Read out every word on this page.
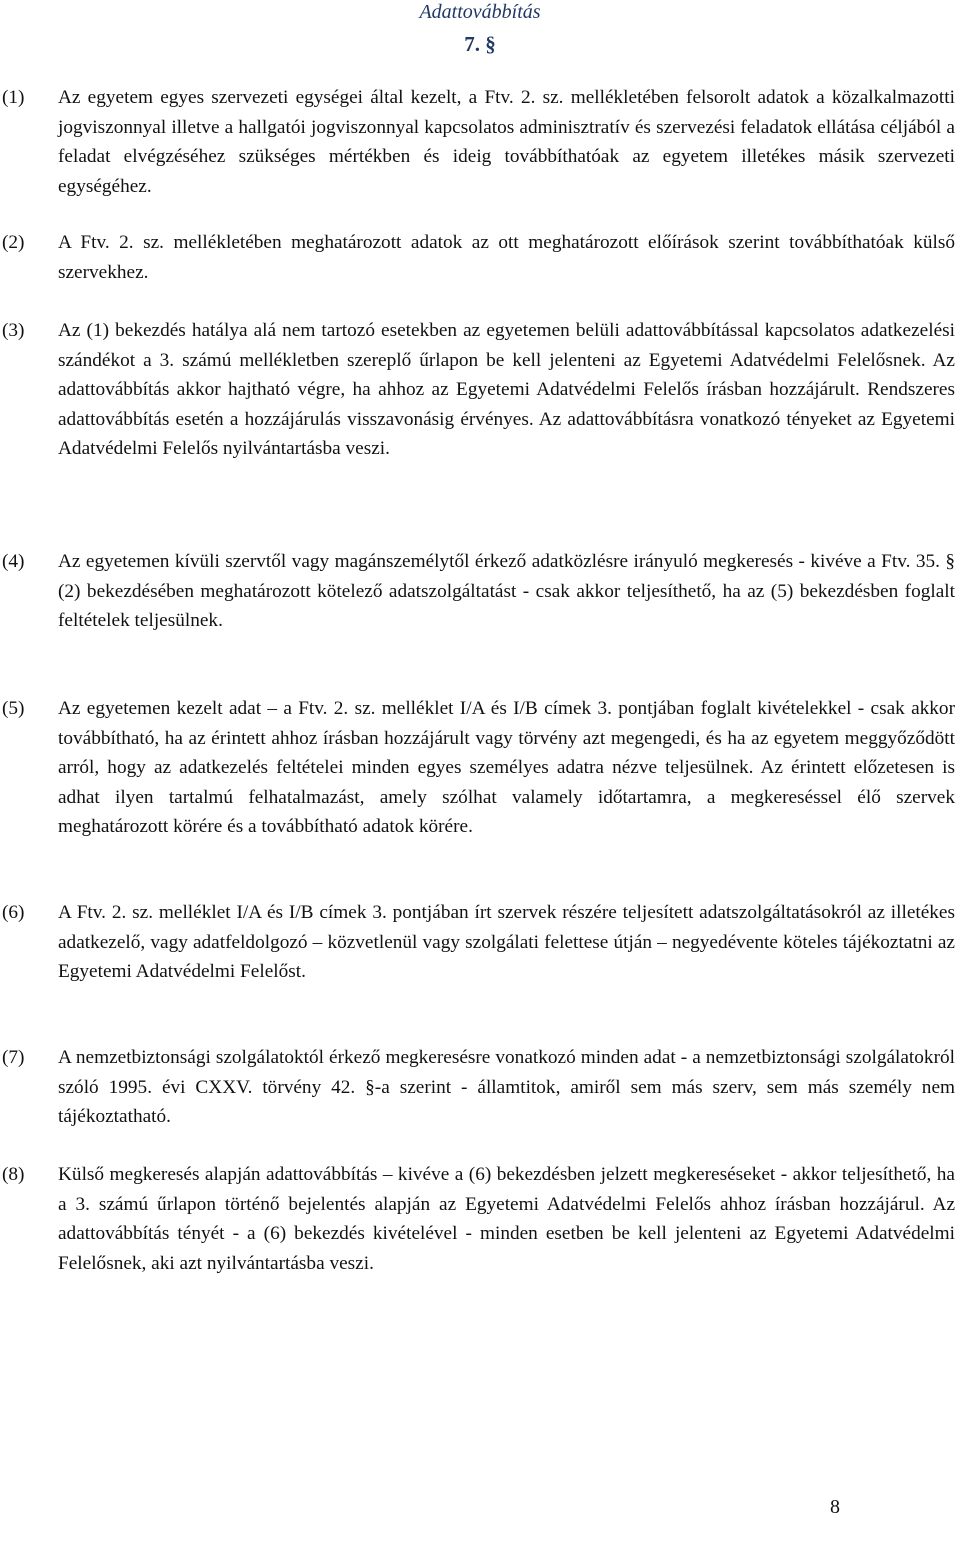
Adattovábbítás
7. §
(1)	Az egyetem egyes szervezeti egységei által kezelt, a Ftv. 2. sz. mellékletében felsorolt adatok a közalkalmazotti jogviszonnyal illetve a hallgatói jogviszonnyal kapcsolatos adminisztratív és szervezési feladatok ellátása céljából a feladat elvégzéséhez szükséges mértékben és ideig továbbíthatóak az egyetem illetékes másik szervezeti egységéhez.
(2)	A Ftv. 2. sz. mellékletében meghatározott adatok az ott meghatározott előírások szerint továbbíthatóak külső szervekhez.
(3)	Az (1) bekezdés hatálya alá nem tartozó esetekben az egyetemen belüli adattovábbítással kapcsolatos adatkezelési szándékot a 3. számú mellékletben szereplő űrlapon be kell jelenteni az Egyetemi Adatvédelmi Felelősnek. Az adattovábbítás akkor hajtható végre, ha ahhoz az Egyetemi Adatvédelmi Felelős írásban hozzájárult. Rendszeres adattovábbítás esetén a hozzájárulás visszavonásig érvényes. Az adattovábbításra vonatkozó tényeket az Egyetemi Adatvédelmi Felelős nyilvántartásba veszi.
(4)	Az egyetemen kívüli szervtől vagy magánszemélytől érkező adatközlésre irányuló megkeresés - kivéve a Ftv. 35. § (2) bekezdésében meghatározott kötelező adatszolgáltatást - csak akkor teljesíthető, ha az (5) bekezdésben foglalt feltételek teljesülnek.
(5)	Az egyetemen kezelt adat – a Ftv. 2. sz. melléklet I/A és I/B címek 3. pontjában foglalt kivételekkel - csak akkor továbbítható, ha az érintett ahhoz írásban hozzájárult vagy törvény azt megengedi, és ha az egyetem meggyőződött arról, hogy az adatkezelés feltételei minden egyes személyes adatra nézve teljesülnek. Az érintett előzetesen is adhat ilyen tartalmú felhatalmazást, amely szólhat valamely időtartamra, a megkereséssel élő szervek meghatározott körére és a továbbítható adatok körére.
(6)	A Ftv. 2. sz. melléklet I/A és I/B címek 3. pontjában írt szervek részére teljesített adatszolgáltatásokról az illetékes adatkezelő, vagy adatfeldolgozó – közvetlenül vagy szolgálati felettese útján – negyedévente köteles tájékoztatni az Egyetemi Adatvédelmi Felelőst.
(7)	A nemzetbiztonsági szolgálatoktól érkező megkeresésre vonatkozó minden adat - a nemzetbiztonsági szolgálatokról szóló 1995. évi CXXV. törvény 42. §-a szerint - államtitok, amiről sem más szerv, sem más személy nem tájékoztatható.
(8)	Külső megkeresés alapján adattovábbítás – kivéve a (6) bekezdésben jelzett megkereséseket - akkor teljesíthető, ha a 3. számú űrlapon történő bejelentés alapján az Egyetemi Adatvédelmi Felelős ahhoz írásban hozzájárul. Az adattovábbítás tényét - a (6) bekezdés kivételével - minden esetben be kell jelenteni az Egyetemi Adatvédelmi Felelősnek, aki azt nyilvántartásba veszi.
8
